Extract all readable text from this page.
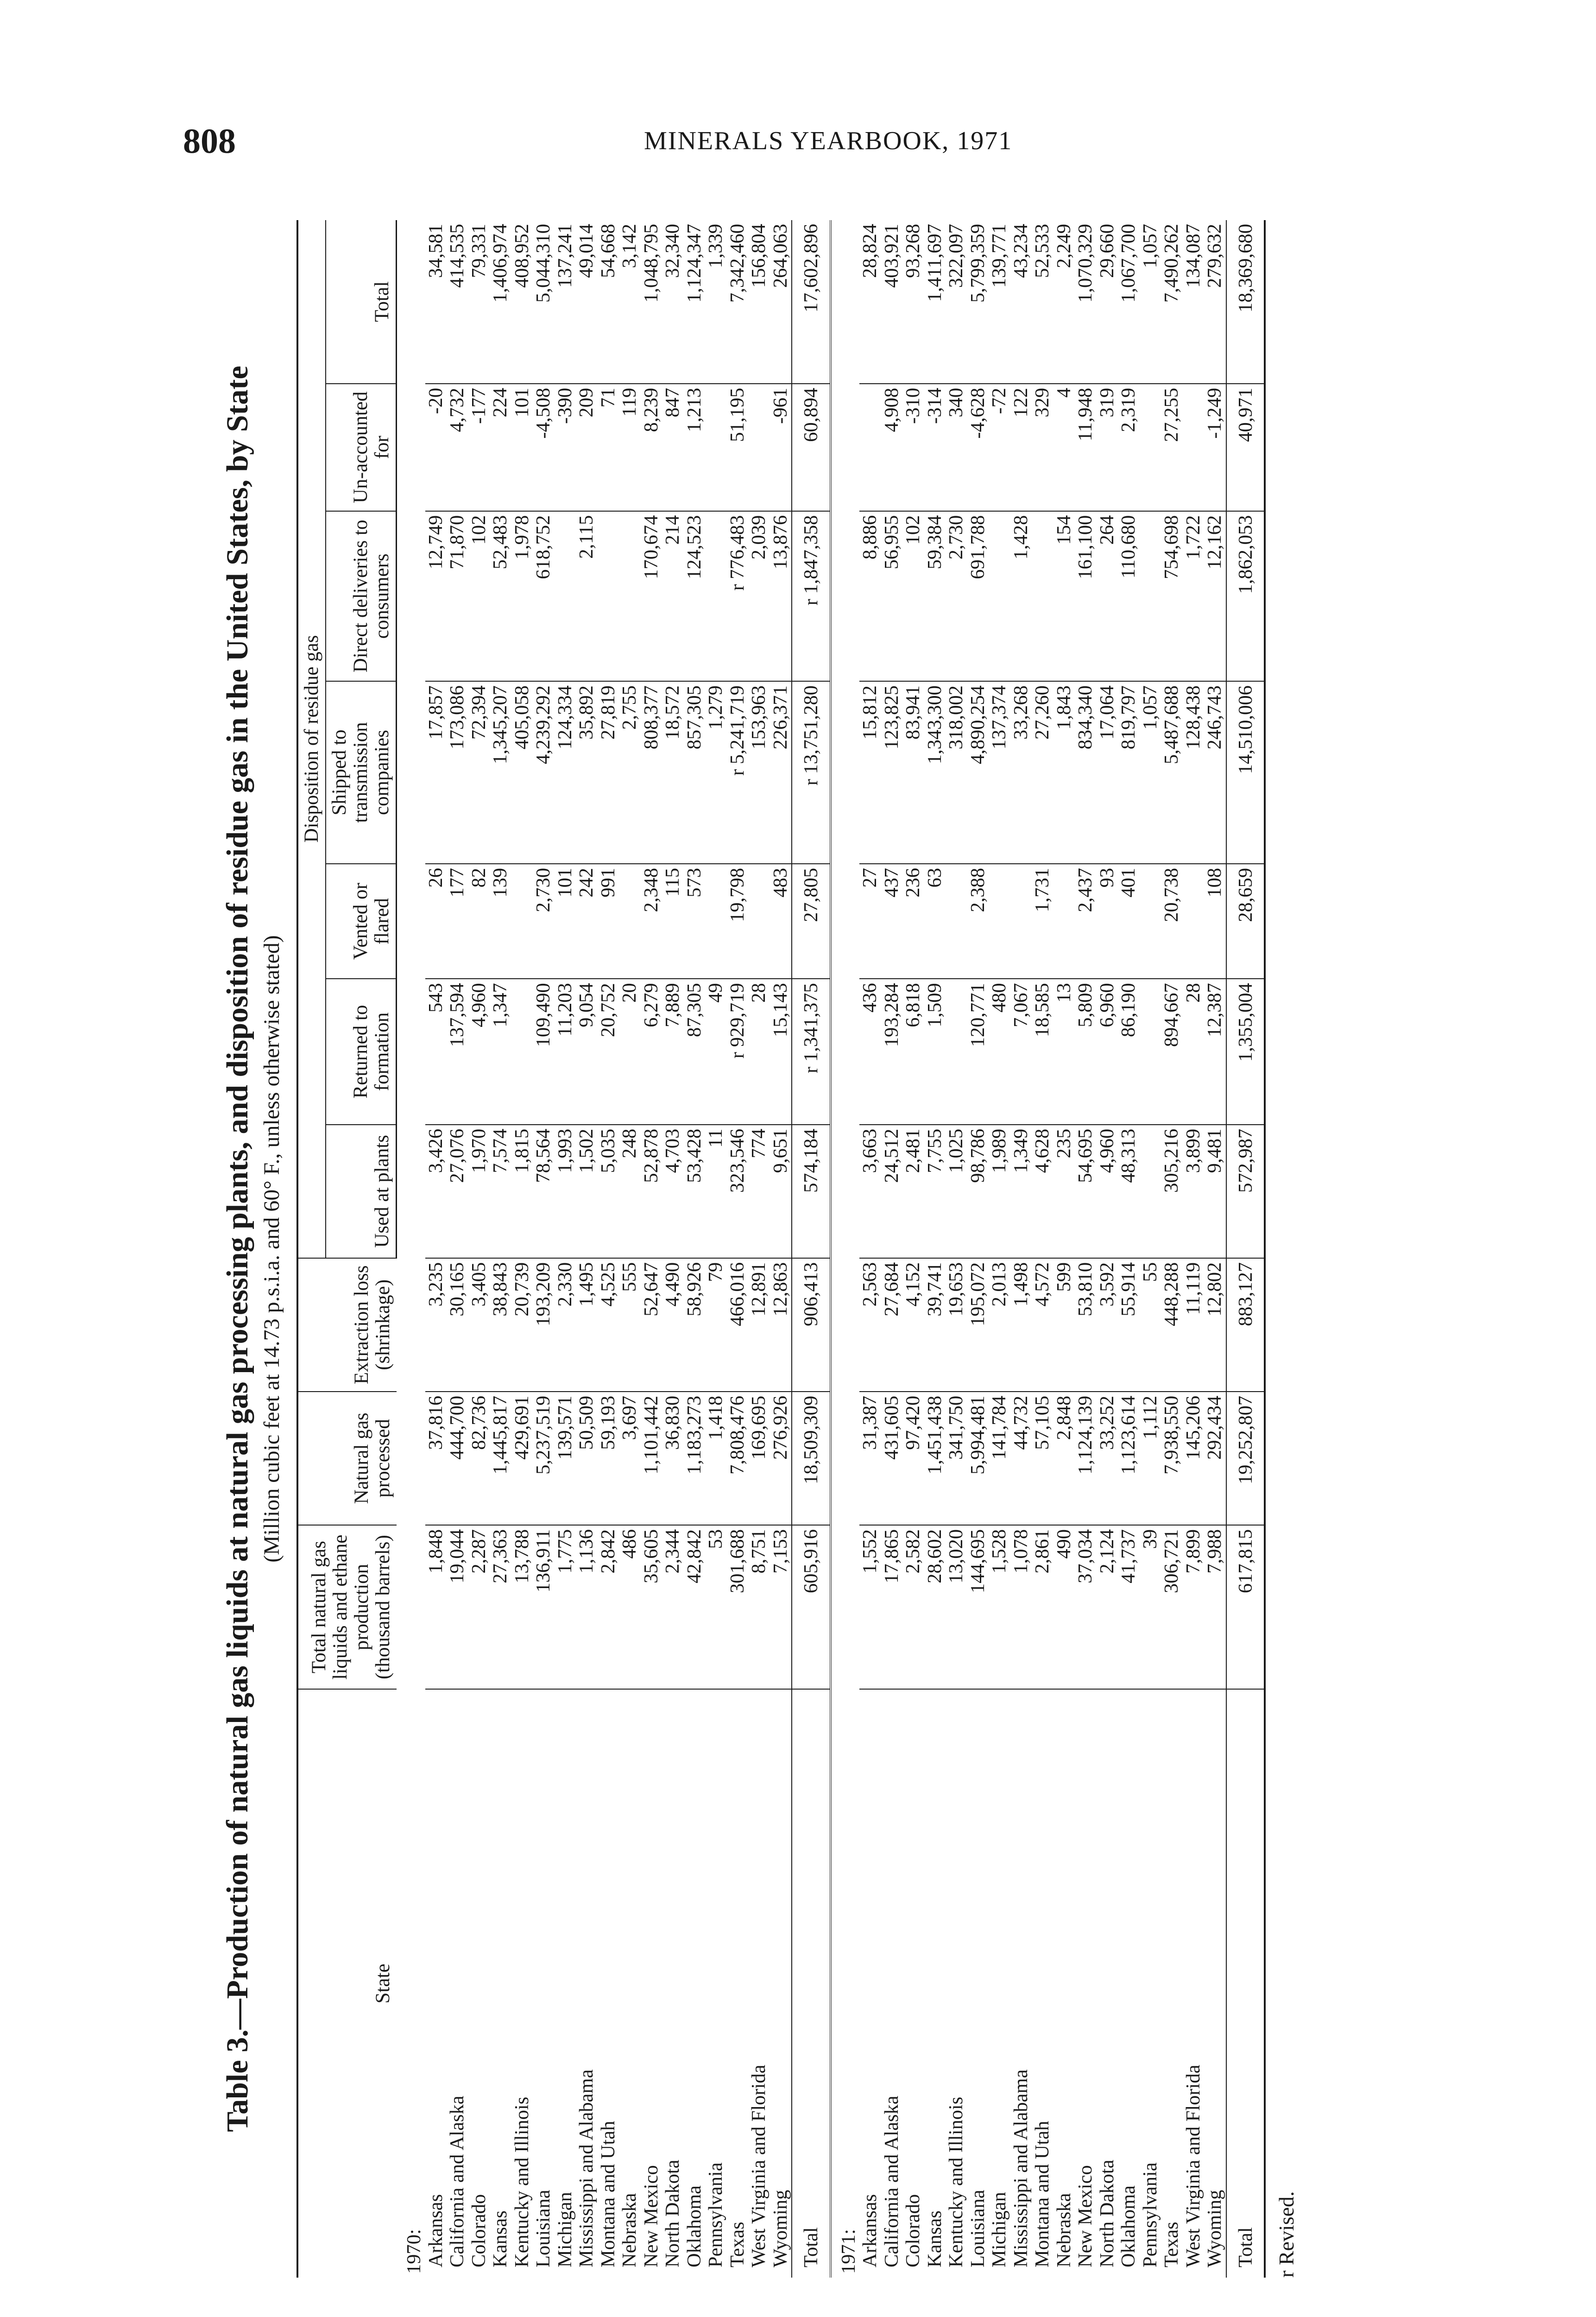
808	MINERALS YEARBOOK, 1971
Table 3.—Production of natural gas liquids at natural gas processing plants, and disposition of residue gas in the United States, by State (Million cubic feet at 14.73 p.s.i.a. and 60° F., unless otherwise stated)
State	Total natural gas liquids and ethane production (thousand barrels)	Natural gas processed	Extraction loss (shrinkage)	Disposition of residue gas						
				Used at plants	Returned to formation	Vented or flared	Shipped to transmission companies	Direct deliveries to consumers	Un-accounted for	Total
1970:										
Arkansas	1,848	37,816	3,235	3,426	543	26	17,857	12,749	-20	34,581
California and Alaska	19,044	444,700	30,165	27,076	137,594	177	173,086	71,870	4,732	414,535
Colorado	2,287	82,736	3,405	1,970	4,960	82	72,394	102	-177	79,331
Kansas	27,363	1,445,817	38,843	7,574	1,347	139	1,345,207	52,483	224	1,406,974
Kentucky and Illinois	13,788	429,691	20,739	1,815			405,058	1,978	101	408,952
Louisiana	136,911	5,237,519	193,209	78,564	109,490	2,730	4,239,292	618,752	-4,508	5,044,310
Michigan	1,775	139,571	2,330	1,993	11,203	101	124,334		-390	137,241
Mississippi and Alabama	1,136	50,509	1,495	1,502	9,054	242	35,892	2,115	209	49,014
Montana and Utah	2,842	59,193	4,525	5,035	20,752	991	27,819		71	54,668
Nebraska	486	3,697	555	248	20		2,755		119	3,142
New Mexico	35,605	1,101,442	52,647	52,878	6,279	2,348	808,377	170,674	8,239	1,048,795
North Dakota	2,344	36,830	4,490	4,703	7,889	115	18,572	214	847	32,340
Oklahoma	42,842	1,183,273	58,926	53,428	87,305	573	857,305	124,523	1,213	1,124,347
Pennsylvania	53	1,418	79	11	49		1,279			1,339
Texas	301,688	7,808,476	466,016	323,546	r 929,719	19,798	r 5,241,719	r 776,483	51,195	7,342,460
West Virginia and Florida	8,751	169,695	12,891	774	28		153,963	2,039		156,804
Wyoming	7,153	276,926	12,863	9,651	15,143	483	226,371	13,876	-961	264,063
Total	605,916	18,509,309	906,413	574,184	r 1,341,375	27,805	r 13,751,280	r 1,847,358	60,894	17,602,896
1971:										
Arkansas	1,552	31,387	2,563	3,663	436	27	15,812	8,886		28,824
California and Alaska	17,865	431,605	27,684	24,512	193,284	437	123,825	56,955	4,908	403,921
Colorado	2,582	97,420	4,152	2,481	6,818	236	83,941	102	-310	93,268
Kansas	28,602	1,451,438	39,741	7,755	1,509	63	1,343,300	59,384	-314	1,411,697
Kentucky and Illinois	13,020	341,750	19,653	1,025			318,002	2,730	340	322,097
Louisiana	144,695	5,994,481	195,072	98,786	120,771	2,388	4,890,254	691,788	-4,628	5,799,359
Michigan	1,528	141,784	2,013	1,989	480		137,374		-72	139,771
Mississippi and Alabama	1,078	44,732	1,498	1,349	7,067		33,268	1,428	122	43,234
Montana and Utah	2,861	57,105	4,572	4,628	18,585	1,731	27,260		329	52,533
Nebraska	490	2,848	599	235	13		1,843	154	4	2,249
New Mexico	37,034	1,124,139	53,810	54,695	5,809	2,437	834,340	161,100	11,948	1,070,329
North Dakota	2,124	33,252	3,592	4,960	6,960	93	17,064	264	319	29,660
Oklahoma	41,737	1,123,614	55,914	48,313	86,190	401	819,797	110,680	2,319	1,067,700
Pennsylvania	39	1,112	55				1,057			1,057
Texas	306,721	7,938,550	448,288	305,216	894,667	20,738	5,487,688	754,698	27,255	7,490,262
West Virginia and Florida	7,899	145,206	11,119	3,899	28		128,438	1,722		134,087
Wyoming	7,988	292,434	12,802	9,481	12,387	108	246,743	12,162	-1,249	279,632
Total	617,815	19,252,807	883,127	572,987	1,355,004	28,659	14,510,006	1,862,053	40,971	18,369,680
r Revised.
